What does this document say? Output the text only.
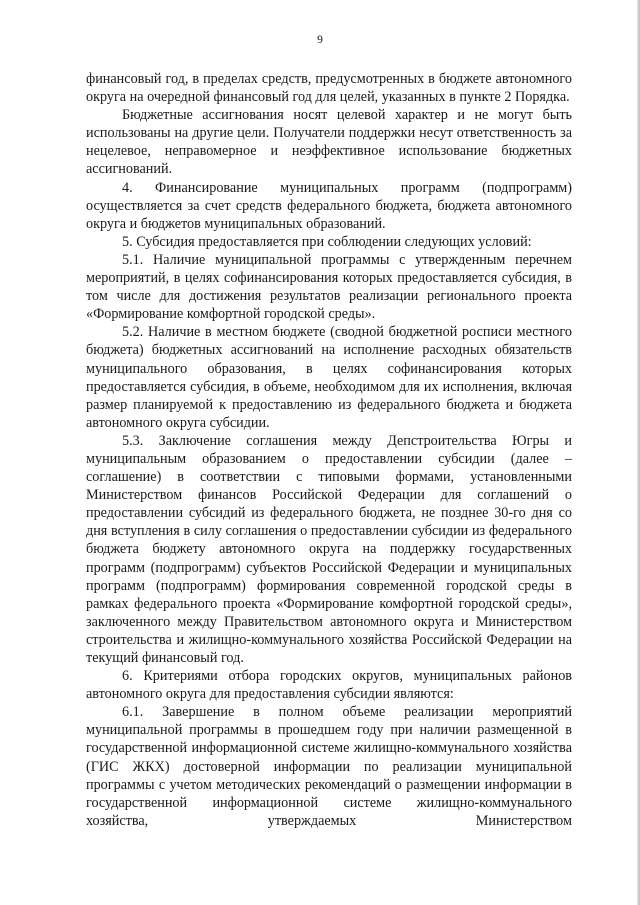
9

финансовый год, в пределах средств, предусмотренных в бюджете автономного округа на очередной финансовый год для целей, указанных в пункте 2 Порядка.

Бюджетные ассигнования носят целевой характер и не могут быть использованы на другие цели. Получатели поддержки несут ответственность за нецелевое, неправомерное и неэффективное использование бюджетных ассигнований.

4. Финансирование муниципальных программ (подпрограмм) осуществляется за счет средств федерального бюджета, бюджета автономного округа и бюджетов муниципальных образований.

5. Субсидия предоставляется при соблюдении следующих условий:

5.1. Наличие муниципальной программы с утвержденным перечнем мероприятий, в целях софинансирования которых предоставляется субсидия, в том числе для достижения результатов реализации регионального проекта «Формирование комфортной городской среды».

5.2. Наличие в местном бюджете (сводной бюджетной росписи местного бюджета) бюджетных ассигнований на исполнение расходных обязательств муниципального образования, в целях софинансирования которых предоставляется субсидия, в объеме, необходимом для их исполнения, включая размер планируемой к предоставлению из федерального бюджета и бюджета автономного округа субсидии.

5.3. Заключение соглашения между Депстроительства Югры и муниципальным образованием о предоставлении субсидии (далее – соглашение) в соответствии с типовыми формами, установленными Министерством финансов Российской Федерации для соглашений о предоставлении субсидий из федерального бюджета, не позднее 30-го дня со дня вступления в силу соглашения о предоставлении субсидии из федерального бюджета бюджету автономного округа на поддержку государственных программ (подпрограмм) субъектов Российской Федерации и муниципальных программ (подпрограмм) формирования современной городской среды в рамках федерального проекта «Формирование комфортной городской среды», заключенного между Правительством автономного округа и Министерством строительства и жилищно-коммунального хозяйства Российской Федерации на текущий финансовый год.

6. Критериями отбора городских округов, муниципальных районов автономного округа для предоставления субсидии являются:

6.1. Завершение в полном объеме реализации мероприятий муниципальной программы в прошедшем году при наличии размещенной в государственной информационной системе жилищно-коммунального хозяйства (ГИС ЖКХ) достоверной информации по реализации муниципальной программы с учетом методических рекомендаций о размещении информации в государственной информационной системе жилищно-коммунального хозяйства, утверждаемых Министерством
